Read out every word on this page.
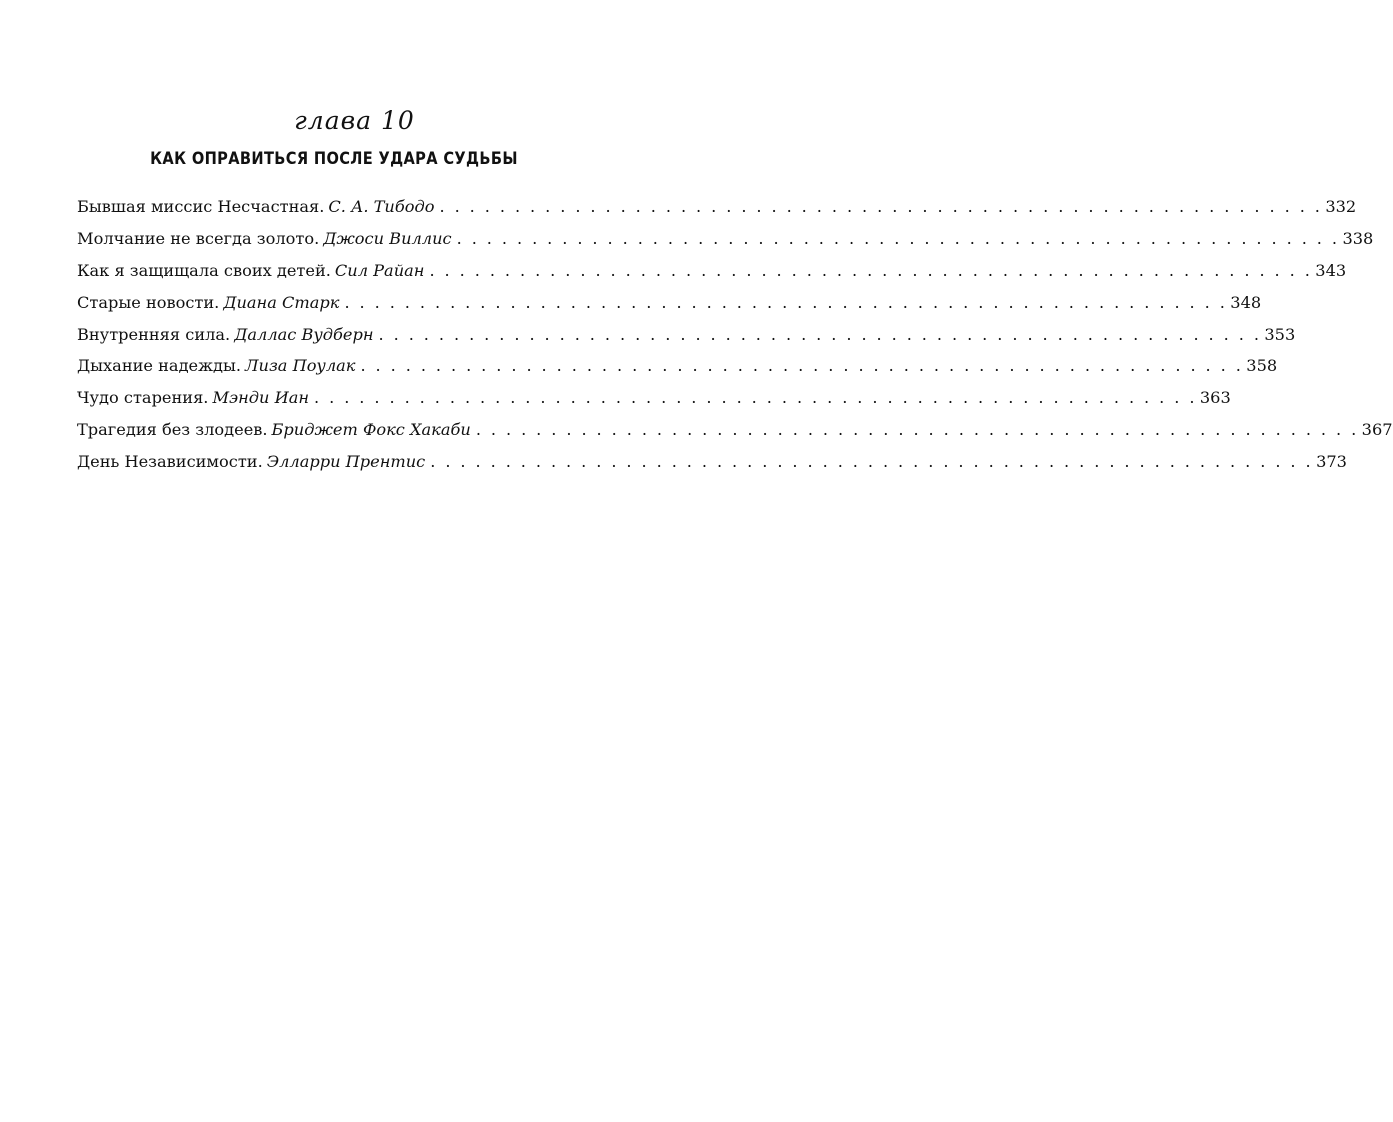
глава 10
КАК ОПРАВИТЬСЯ ПОСЛЕ УДАРА СУДЬБЫ
Бывшая миссис Несчастная. С. А. Тибодо . . . . . . . . . . . . . . . . . . . . . . . . . . . . . . . . . . . . . . . . . . . . . . . . . . . . . . . . . . . 332
Молчание не всегда золото. Джоси Виллис . . . . . . . . . . . . . . . . . . . . . . . . . . . . . . . . . . . . . . . . . . . . . . . . . . . . . . . . . . . 338
Как я защищала своих детей. Сил Райан . . . . . . . . . . . . . . . . . . . . . . . . . . . . . . . . . . . . . . . . . . . . . . . . . . . . . . . . . . . 343
Старые новости. Диана Старк . . . . . . . . . . . . . . . . . . . . . . . . . . . . . . . . . . . . . . . . . . . . . . . . . . . . . . . . . . . 348
Внутренняя сила. Даллас Вудберн . . . . . . . . . . . . . . . . . . . . . . . . . . . . . . . . . . . . . . . . . . . . . . . . . . . . . . . . . . . 353
Дыхание надежды. Лиза Поулак . . . . . . . . . . . . . . . . . . . . . . . . . . . . . . . . . . . . . . . . . . . . . . . . . . . . . . . . . . . 358
Чудо старения. Мэнди Иан . . . . . . . . . . . . . . . . . . . . . . . . . . . . . . . . . . . . . . . . . . . . . . . . . . . . . . . . . . . 363
Трагедия без злодеев. Бриджет Фокс Хакаби . . . . . . . . . . . . . . . . . . . . . . . . . . . . . . . . . . . . . . . . . . . . . . . . . . . . . . . . . . . 367
День Независимости. Элларри Прентис . . . . . . . . . . . . . . . . . . . . . . . . . . . . . . . . . . . . . . . . . . . . . . . . . . . . . . . . . . . 373
